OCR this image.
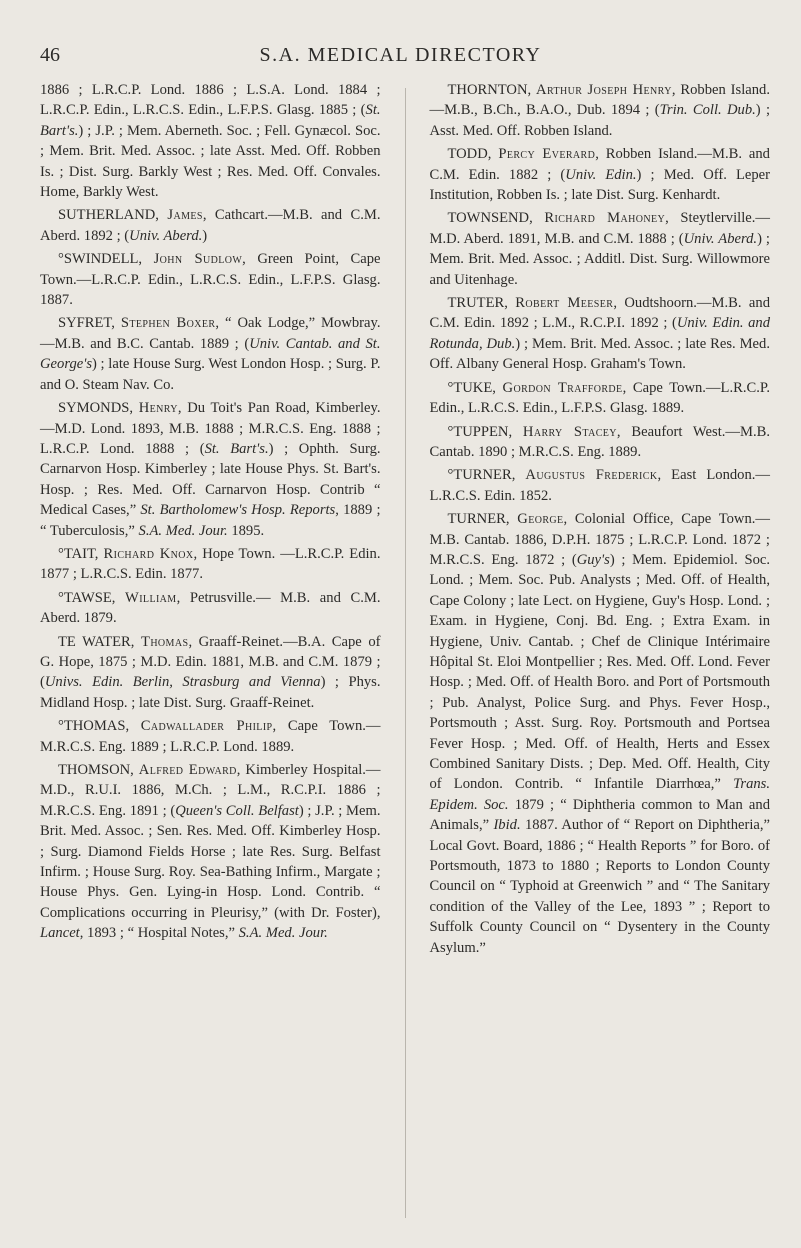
46	S.A. MEDICAL DIRECTORY

1886 ; L.R.C.P. Lond. 1886 ; L.S.A. Lond. 1884 ; L.R.C.P. Edin., L.R.C.S. Edin., L.F.P.S. Glasg. 1885 ; (St. Bart's.) ; J.P. ; Mem. Aberneth. Soc. ; Fell. Gynæcol. Soc. ; Mem. Brit. Med. Assoc. ; late Asst. Med. Off. Robben Is. ; Dist. Surg. Barkly West ; Res. Med. Off. Convales. Home, Barkly West.

SUTHERLAND, James, Cathcart.—M.B. and C.M. Aberd. 1892 ; (Univ. Aberd.)

°SWINDELL, John Sudlow, Green Point, Cape Town.—L.R.C.P. Edin., L.R.C.S. Edin., L.F.P.S. Glasg. 1887.

SYFRET, Stephen Boxer, “ Oak Lodge,” Mowbray.—M.B. and B.C. Cantab. 1889 ; (Univ. Cantab. and St. George's) ; late House Surg. West London Hosp. ; Surg. P. and O. Steam Nav. Co.

SYMONDS, Henry, Du Toit's Pan Road, Kimberley.—M.D. Lond. 1893, M.B. 1888 ; M.R.C.S. Eng. 1888 ; L.R.C.P. Lond. 1888 ; (St. Bart's.) ; Ophth. Surg. Carnarvon Hosp. Kimberley ; late House Phys. St. Bart's. Hosp. ; Res. Med. Off. Carnarvon Hosp. Contrib “ Medical Cases,” St. Bartholomew's Hosp. Reports, 1889 ; “ Tuberculosis,” S.A. Med. Jour. 1895.

°TAIT, Richard Knox, Hope Town. —L.R.C.P. Edin. 1877 ; L.R.C.S. Edin. 1877.

°TAWSE, William, Petrusville.— M.B. and C.M. Aberd. 1879.

TE WATER, Thomas, Graaff-Reinet.—B.A. Cape of G. Hope, 1875 ; M.D. Edin. 1881, M.B. and C.M. 1879 ; (Univs. Edin. Berlin, Strasburg and Vienna) ; Phys. Midland Hosp. ; late Dist. Surg. Graaff-Reinet.

°THOMAS, Cadwallader Philip, Cape Town.—M.R.C.S. Eng. 1889 ; L.R.C.P. Lond. 1889.

THOMSON, Alfred Edward, Kimberley Hospital.—M.D., R.U.I. 1886, M.Ch. ; L.M., R.C.P.I. 1886 ; M.R.C.S. Eng. 1891 ; (Queen's Coll. Belfast) ; J.P. ; Mem. Brit. Med. Assoc. ; Sen. Res. Med. Off. Kimberley Hosp. ; Surg. Diamond Fields Horse ; late Res. Surg. Belfast Infirm. ; House Surg. Roy. Sea-Bathing Infirm., Margate ; House Phys. Gen. Lying-in Hosp. Lond. Contrib. “ Complications occurring in Pleurisy,” (with Dr. Foster), Lancet, 1893 ; “ Hospital Notes,” S.A. Med. Jour.

THORNTON, Arthur Joseph Henry, Robben Island.—M.B., B.Ch., B.A.O., Dub. 1894 ; (Trin. Coll. Dub.) ; Asst. Med. Off. Robben Island.

TODD, Percy Everard, Robben Island.—M.B. and C.M. Edin. 1882 ; (Univ. Edin.) ; Med. Off. Leper Institution, Robben Is. ; late Dist. Surg. Kenhardt.

TOWNSEND, Richard Mahoney, Steytlerville.—M.D. Aberd. 1891, M.B. and C.M. 1888 ; (Univ. Aberd.) ; Mem. Brit. Med. Assoc. ; Additl. Dist. Surg. Willowmore and Uitenhage.

TRUTER, Robert Meeser, Oudtshoorn.—M.B. and C.M. Edin. 1892 ; L.M., R.C.P.I. 1892 ; (Univ. Edin. and Rotunda, Dub.) ; Mem. Brit. Med. Assoc. ; late Res. Med. Off. Albany General Hosp. Graham's Town.

°TUKE, Gordon Trafforde, Cape Town.—L.R.C.P. Edin., L.R.C.S. Edin., L.F.P.S. Glasg. 1889.

°TUPPEN, Harry Stacey, Beaufort West.—M.B. Cantab. 1890 ; M.R.C.S. Eng. 1889.

°TURNER, Augustus Frederick, East London.—L.R.C.S. Edin. 1852.

TURNER, George, Colonial Office, Cape Town.—M.B. Cantab. 1886, D.P.H. 1875 ; L.R.C.P. Lond. 1872 ; M.R.C.S. Eng. 1872 ; (Guy's) ; Mem. Epidemiol. Soc. Lond. ; Mem. Soc. Pub. Analysts ; Med. Off. of Health, Cape Colony ; late Lect. on Hygiene, Guy's Hosp. Lond. ; Exam. in Hygiene, Conj. Bd. Eng. ; Extra Exam. in Hygiene, Univ. Cantab. ; Chef de Clinique Intérimaire Hôpital St. Eloi Montpellier ; Res. Med. Off. Lond. Fever Hosp. ; Med. Off. of Health Boro. and Port of Portsmouth ; Pub. Analyst, Police Surg. and Phys. Fever Hosp., Portsmouth ; Asst. Surg. Roy. Portsmouth and Portsea Fever Hosp. ; Med. Off. of Health, Herts and Essex Combined Sanitary Dists. ; Dep. Med. Off. Health, City of London. Contrib. “ Infantile Diarrhœa,” Trans. Epidem. Soc. 1879 ; “ Diphtheria common to Man and Animals,” Ibid. 1887. Author of “ Report on Diphtheria,” Local Govt. Board, 1886 ; “ Health Reports ” for Boro. of Portsmouth, 1873 to 1880 ; Reports to London County Council on “ Typhoid at Greenwich ” and “ The Sanitary condition of the Valley of the Lee, 1893 ” ; Report to Suffolk County Council on “ Dysentery in the County Asylum.”
